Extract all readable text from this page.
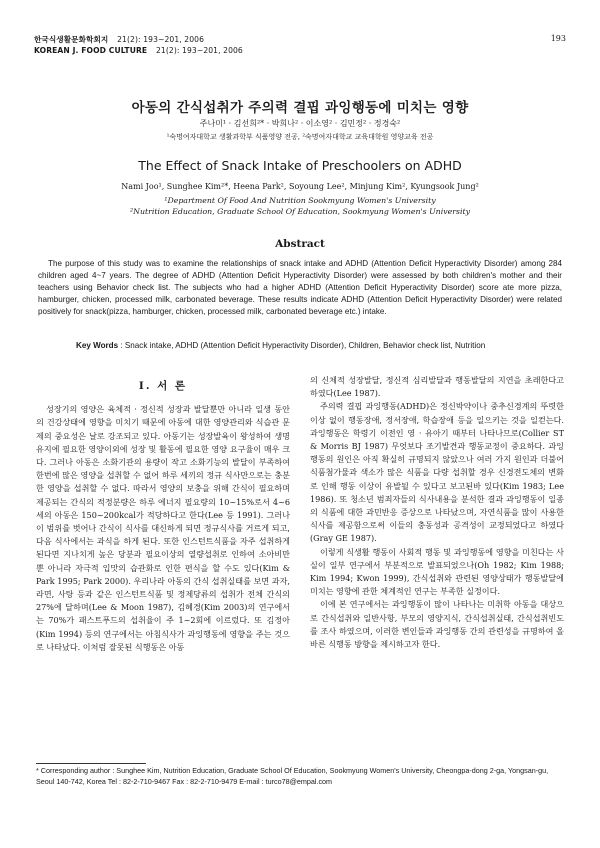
한국식생활문화학회지 21(2): 193~201, 2006
KOREAN J. FOOD CULTURE 21(2): 193~201, 2006
193
아동의 간식섭취가 주의력 결핍 과잉행동에 미치는 영향
주나미¹ · 김선희²* · 박희나² · 이소영² · 김민정² · 정경숙²
¹숙명여자대학교 생활과학부 식품영양 전공, ²숙명여자대학교 교육대학원 영양교육 전공
The Effect of Snack Intake of Preschoolers on ADHD
Nami Joo¹, Sunghee Kim²*, Heena Park², Soyoung Lee², Minjung Kim², Kyungsook Jung²
¹Department Of Food And Nutrition Sookmyung Women's University
²Nutrition Education, Graduate School Of Education, Sookmyung Women's University
Abstract
The purpose of this study was to examine the relationships of snack intake and ADHD (Attention Deficit Hyperactivity Disorder) among 284 children aged 4~7 years. The degree of ADHD (Attention Deficit Hyperactivity Disorder) were assessed by both children's mother and their teachers using Behavior check list. The subjects who had a higher ADHD (Attention Deficit Hyperactivity Disorder) score ate more pizza, hamburger, chicken, processed milk, carbonated beverage. These results indicate ADHD (Attention Deficit Hyperactivity Disorder) were related positively for snack(pizza, hamburger, chicken, processed milk, carbonated beverage etc.) intake.
Key Words : Snack intake, ADHD (Attention Deficit Hyperactivity Disorder), Children, Behavior check list, Nutrition
I. 서 론

성장기의 영양은 육체적 · 정신적 성장과 발달뿐만 아니라 일생 동안의 건강상태에 영향을 미치기 때문에 아동에 대한 영양관리와 식습관 문제의 중요성은 날로 강조되고 있다. 아동기는 성장발육이 왕성하여 생명유지에 필요한 영양이외에 성장 및 활동에 필요한 영양 요구율이 매우 크다. 그러나 아동은 소화기관의 용량이 작고 소화기능의 발달이 부족하여 한번에 많은 영양을 섭취할 수 없어 하루 세끼의 정규 식사만으로는 충분한 영양을 섭취할 수 없다. 따라서 영양의 보충을 위해 간식이 필요하며 제공되는 간식의 적정분량은 하루 에너지 필요량의 10~15%로서 4~6세의 아동은 150~200kcal가 적당하다고 한다(Lee 등 1991). 그러나 이 범위를 벗어나 간식이 식사를 대신하게 되면 정규식사를 거르게 되고, 다음 식사에서는 과식을 하게 된다. 또한 인스턴트식품을 자주 섭취하게 된다면 지나치게 높은 당분과 필요이상의 열량섭취로 인하여 소아비만 뿐 아니라 자극적 입맛의 습관화로 인한 편식을 할 수도 있다(Kim & Park 1995; Park 2000). 우리나라 아동의 간식 섭취실태를 보면 과자, 라면, 사탕 등과 같은 인스턴트식품 및 정제당류의 섭취가 전체 간식의 27%에 달하며(Lee & Moon 1987), 김혜경(Kim 2003)의 연구에서는 70%가 패스트푸드의 섭취율이 주 1~2회에 이르렀다. 또 김정아(Kim 1994) 등의 연구에서는 아침식사가 과잉행동에 영향을 주는 것으로 나타났다. 이처럼 잘못된 식행동은 아동

의 신체적 성장발달, 정신적 심리발달과 행동발달의 지연을 초래한다고 하였다(Lee 1987).

주의력 결핍 과잉행동(ADHD)은 정신박약이나 중추신경계의 뚜렷한 이상 없이 행동장애, 정서장애, 학습장애 등을 일으키는 것을 일컫는다. 과잉행동은 학령기 이전인 영 · 유아기 때부터 나타나므로(Collier ST & Morris BJ 1987) 무엇보다 조기발견과 행동교정이 중요하다. 과잉행동의 원인은 아직 확실히 규명되지 않았으나 여러 가지 원인과 더불어 식품첨가물과 색소가 많은 식품을 다량 섭취할 경우 신경전도체의 변화로 인해 행동 이상이 유발될 수 있다고 보고된바 있다(Kim 1983; Lee 1986). 또 청소년 범죄자들의 식사내용을 분석한 결과 과잉행동이 일종의 식품에 대한 과민반응 증상으로 나타났으며, 자연식품을 많이 사용한 식사를 제공함으로써 이들의 충동성과 공격성이 교정되었다고 하였다(Gray GE 1987).

이렇게 식생활 행동이 사회적 행동 및 과잉행동에 영향을 미친다는 사실이 일부 연구에서 부분적으로 발표되었으나(Oh 1982; Kim 1988; Kim 1994; Kwon 1999), 간식섭취와 관련된 영양상태가 행동발달에 미치는 영향에 관한 체계적인 연구는 부족한 실정이다.

이에 본 연구에서는 과잉행동이 많이 나타나는 미취학 아동을 대상으로 간식섭취와 일반사항, 부모의 영양지식, 간식섭취실태, 간식섭취빈도를 조사 하였으며, 이러한 변인들과 과잉행동 간의 관련성을 규명하여 올바른 식행동 방향을 제시하고자 한다.

* Corresponding author : Sunghee Kim, Nutrition Education, Graduate School Of Education, Sookmyung Women's University, Cheongpa-dong 2-ga, Yongsan-gu, Seoul 140-742, Korea Tel : 82-2-710-9467 Fax : 82-2-710-9479 E-mail : turco78@empal.com
